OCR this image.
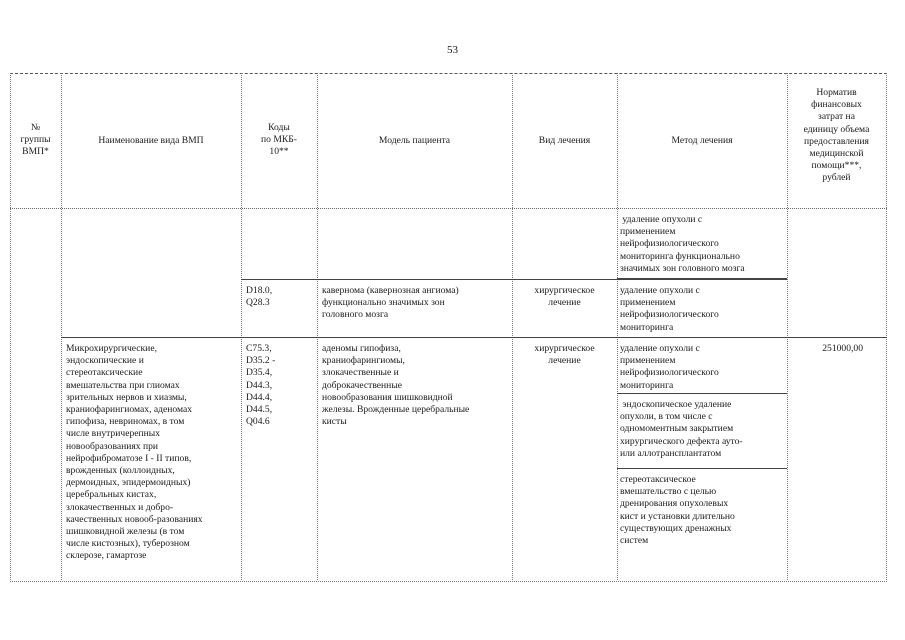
53
№
группы
ВМП*
Наименование вида ВМП
Коды
по МКБ-
10**
Модель пациента	Вид лечения	Метод лечения
Норматив
финансовых
затрат на
единицу объема
предоставления
медицинской
помощи***,
рублей
удаление опухоли с
применением
нейрофизиологического
мониторинга функционально
значимых зон головного мозга
D18.0,
Q28.3
кавернома (кавернозная ангиома)
функционально значимых зон
головного мозга
хирургическое
лечение
удаление опухоли с
применением
нейрофизиологического
мониторинга
Микрохирургические,
эндоскопические и
стереотаксические
вмешательства при глиомах
зрительных нервов и хиазмы,
краниофарингиомах, аденомах
гипофиза, невриномах, в том
числе внутричерепных
новообразованиях при
нейрофиброматозе I - II типов,
врожденных (коллоидных,
дермоидных, эпидермоидных)
церебральных кистах,
злокачественных и добро-
качественных новооб-разованиях
шишковидной железы (в том
числе кистозных), туберозном
склерозе, гамартозе
C75.3,
D35.2 -
D35.4,
D44.3,
D44.4,
D44.5,
Q04.6
аденомы гипофиза,
краниофарингиомы,
злокачественные и
доброкачественные
новообразования шишковидной
железы. Врожденные церебральные
кисты
хирургическое
лечение
удаление опухоли с
применением
нейрофизиологического
мониторинга
эндоскопическое удаление
опухоли, в том числе с
одномоментным закрытием
хирургического дефекта ауто-
или аллотрансплантатом
стереотаксическое
вмешательство с целью
дренирования опухолевых
кист и установки длительно
существующих дренажных
систем
251000,00
